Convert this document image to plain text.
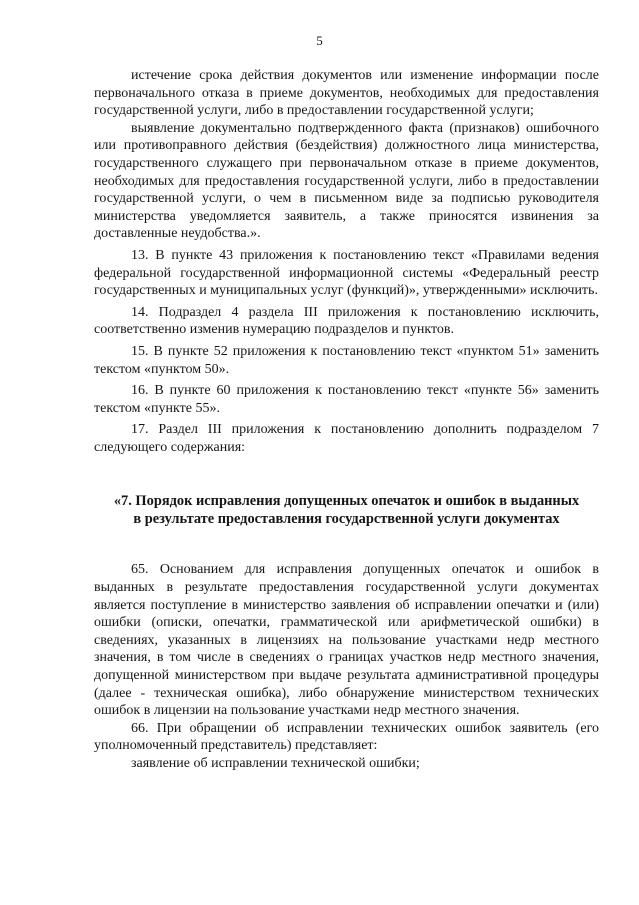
5

истечение срока действия документов или изменение информации после первоначального отказа в приеме документов, необходимых для предоставления государственной услуги, либо в предоставлении государственной услуги;

выявление документально подтвержденного факта (признаков) ошибочного или противоправного действия (бездействия) должностного лица министерства, государственного служащего при первоначальном отказе в приеме документов, необходимых для предоставления государственной услуги, либо в предоставлении государственной услуги, о чем в письменном виде за подписью руководителя министерства уведомляется заявитель, а также приносятся извинения за доставленные неудобства.».

13. В пункте 43 приложения к постановлению текст «Правилами ведения федеральной государственной информационной системы «Федеральный реестр государственных и муниципальных услуг (функций)», утвержденными» исключить.

14. Подраздел 4 раздела III приложения к постановлению исключить, соответственно изменив нумерацию подразделов и пунктов.

15. В пункте 52 приложения к постановлению текст «пунктом 51» заменить текстом «пунктом 50».

16. В пункте 60 приложения к постановлению текст «пункте 56» заменить текстом «пункте 55».

17. Раздел III приложения к постановлению дополнить подразделом 7 следующего содержания:

«7. Порядок исправления допущенных опечаток и ошибок в выданных
в результате предоставления государственной услуги документах

65. Основанием для исправления допущенных опечаток и ошибок в выданных в результате предоставления государственной услуги документах является поступление в министерство заявления об исправлении опечатки и (или) ошибки (описки, опечатки, грамматической или арифметической ошибки) в сведениях, указанных в лицензиях на пользование участками недр местного значения, в том числе в сведениях о границах участков недр местного значения, допущенной министерством при выдаче результата административной процедуры (далее - техническая ошибка), либо обнаружение министерством технических ошибок в лицензии на пользование участками недр местного значения.

66. При обращении об исправлении технических ошибок заявитель (его уполномоченный представитель) представляет:

заявление об исправлении технической ошибки;
